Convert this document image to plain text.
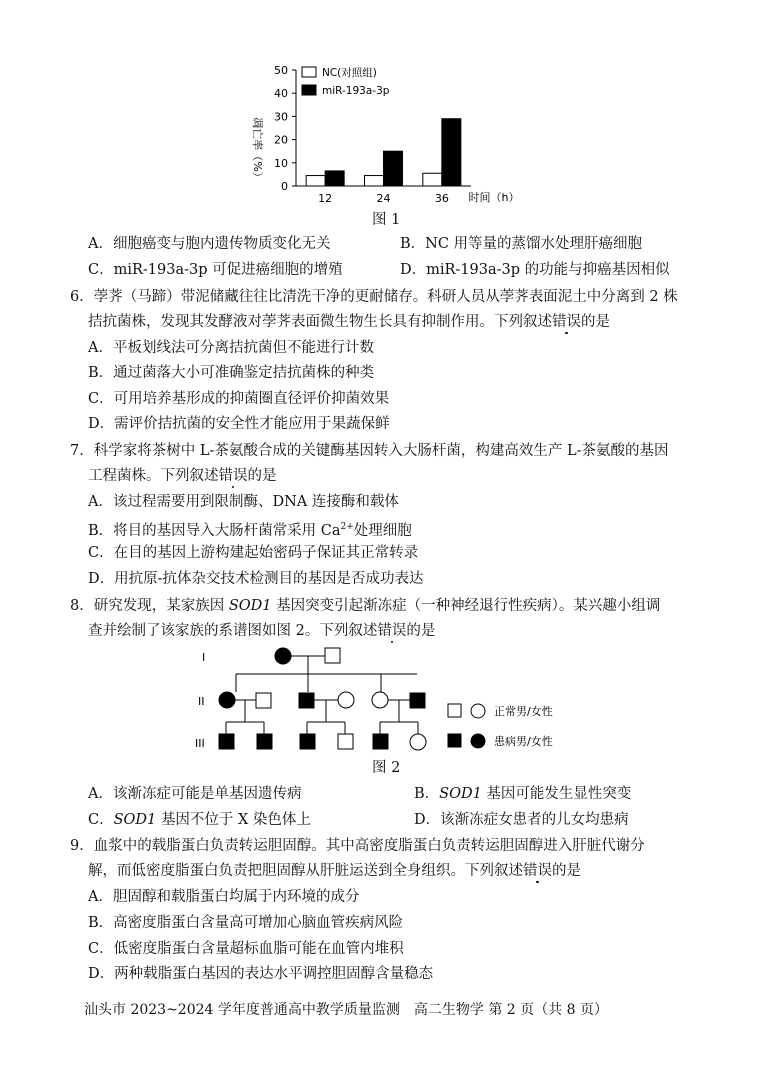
50
40
30
20
10
0
12	24	36
凋亡率（%）
时间（h）
NC(对照组)
miR-193a-3p
图 1
A．细胞癌变与胞内遗传物质变化无关	B．NC 用等量的蒸馏水处理肝癌细胞
C．miR-193a-3p 可促进癌细胞的增殖	D．miR-193a-3p 的功能与抑癌基因相似
6．荸荠（马蹄）带泥储藏往往比清洗干净的更耐储存。科研人员从荸荠表面泥土中分离到 2 株
拮抗菌株，发现其发酵液对荸荠表面微生物生长具有抑制作用。下列叙述错误的是
A．平板划线法可分离拮抗菌但不能进行计数
B．通过菌落大小可准确鉴定拮抗菌株的种类
C．可用培养基形成的抑菌圈直径评价抑菌效果
D．需评价拮抗菌的安全性才能应用于果蔬保鲜
7．科学家将茶树中 L-茶氨酸合成的关键酶基因转入大肠杆菌，构建高效生产 L-茶氨酸的基因
工程菌株。下列叙述错误的是
A．该过程需要用到限制酶、DNA 连接酶和载体
B．将目的基因导入大肠杆菌常采用 $Ca^{2+}$处理细胞
C．在目的基因上游构建起始密码子保证其正常转录
D．用抗原-抗体杂交技术检测目的基因是否成功表达
8．研究发现，某家族因 SOD1 基因突变引起渐冻症（一种神经退行性疾病）。某兴趣小组调
查并绘制了该家族的系谱图如图 2。下列叙述错误的是
I
II
III
正常男/女性
患病男/女性
图 2
A．该渐冻症可能是单基因遗传病	B．SOD1 基因可能发生显性突变
C．SOD1 基因不位于 X 染色体上	D．该渐冻症女患者的儿女均患病
9．血浆中的载脂蛋白负责转运胆固醇。其中高密度脂蛋白负责转运胆固醇进入肝脏代谢分
解，而低密度脂蛋白负责把胆固醇从肝脏运送到全身组织。下列叙述错误的是
A．胆固醇和载脂蛋白均属于内环境的成分
B．高密度脂蛋白含量高可增加心脑血管疾病风险
C．低密度脂蛋白含量超标血脂可能在血管内堆积
D．两种载脂蛋白基因的表达水平调控胆固醇含量稳态
汕头市 2023~2024 学年度普通高中教学质量监测　高二生物学 第 2 页（共 8 页）
